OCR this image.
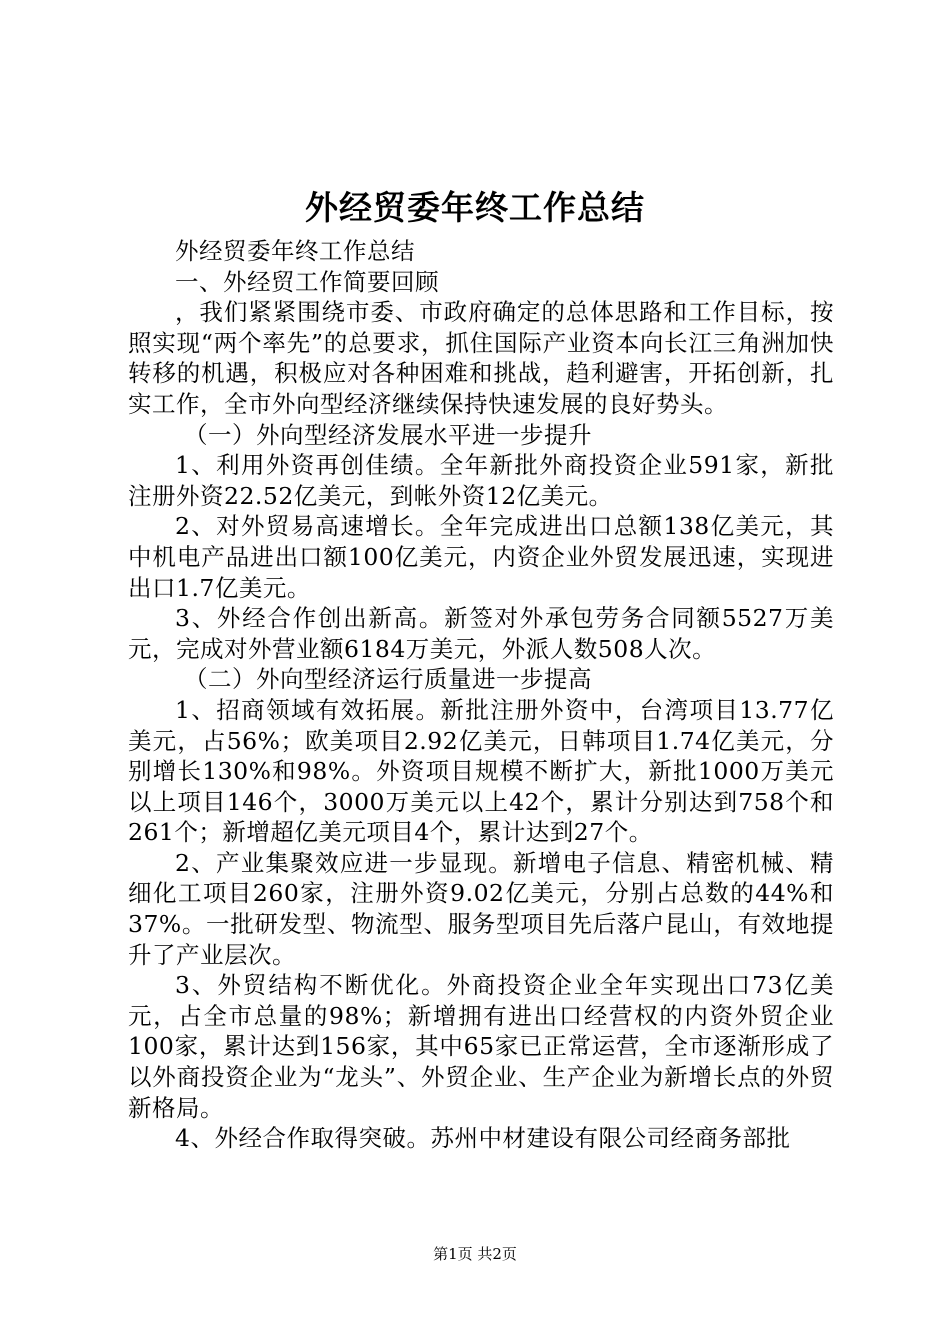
外经贸委年终工作总结

外经贸委年终工作总结

一、外经贸工作简要回顾

，我们紧紧围绕市委、市政府确定的总体思路和工作目标，按照实现“两个率先”的总要求，抓住国际产业资本向长江三角洲加快转移的机遇，积极应对各种困难和挑战，趋利避害，开拓创新，扎实工作，全市外向型经济继续保持快速发展的良好势头。

（一）外向型经济发展水平进一步提升

1、利用外资再创佳绩。全年新批外商投资企业591家，新批注册外资22.52亿美元，到帐外资12亿美元。

2、对外贸易高速增长。全年完成进出口总额138亿美元，其中机电产品进出口额100亿美元，内资企业外贸发展迅速，实现进出口1.7亿美元。

3、外经合作创出新高。新签对外承包劳务合同额5527万美元，完成对外营业额6184万美元，外派人数508人次。

（二）外向型经济运行质量进一步提高

1、招商领域有效拓展。新批注册外资中，台湾项目13.77亿美元，占56%；欧美项目2.92亿美元，日韩项目1.74亿美元，分别增长130%和98%。外资项目规模不断扩大，新批1000万美元以上项目146个，3000万美元以上42个，累计分别达到758个和261个；新增超亿美元项目4个，累计达到27个。

2、产业集聚效应进一步显现。新增电子信息、精密机械、精细化工项目260家，注册外资9.02亿美元，分别占总数的44%和37%。一批研发型、物流型、服务型项目先后落户昆山，有效地提升了产业层次。

3、外贸结构不断优化。外商投资企业全年实现出口73亿美元，占全市总量的98%；新增拥有进出口经营权的内资外贸企业100家，累计达到156家，其中65家已正常运营，全市逐渐形成了以外商投资企业为“龙头”、外贸企业、生产企业为新增长点的外贸新格局。

4、外经合作取得突破。苏州中材建设有限公司经商务部批

第1页 共2页
